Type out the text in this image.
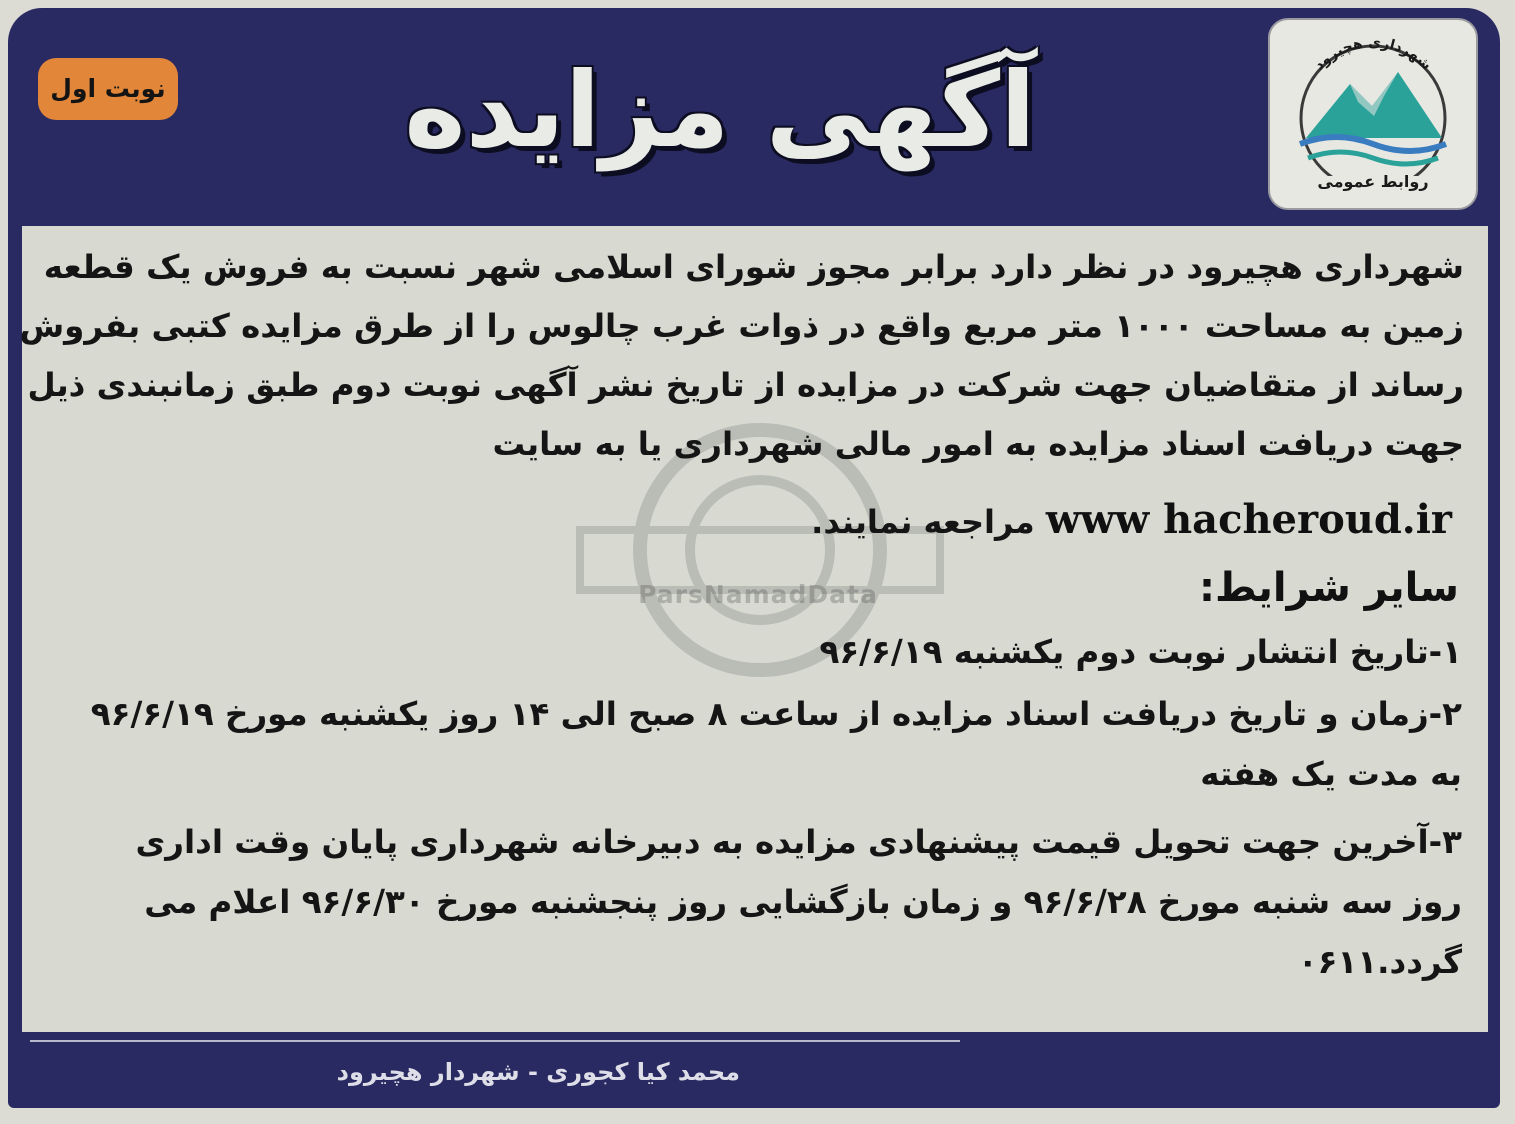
آگهی مزایده
نوبت اول
شهرداری هچیرود
روابط عمومی
ParsNamadData
شهرداری هچیرود در نظر دارد برابر مجوز شورای اسلامی شهر نسبت به فروش یک قطعه
زمین به مساحت ۱۰۰۰ متر مربع واقع در ذوات غرب چالوس را از طرق مزایده کتبی بفروش
رساند از متقاضیان جهت شرکت در مزایده از تاریخ نشر آگهی نوبت دوم طبق زمانبندی ذیل
جهت دریافت اسناد مزایده به امور مالی شهرداری یا به سایت
www hacheroud.ir مراجعه نمایند.
سایر شرایط:

۱-تاریخ انتشار نوبت دوم یکشنبه ۹۶/۶/۱۹

۲-زمان و تاریخ دریافت اسناد مزایده از ساعت ۸ صبح الی ۱۴ روز یکشنبه مورخ ۹۶/۶/۱۹
به مدت یک هفته

۳-آخرین جهت تحویل قیمت پیشنهادی مزایده به دبیرخانه شهرداری پایان وقت اداری
روز سه شنبه مورخ ۹۶/۶/۲۸ و زمان بازگشایی روز پنجشنبه مورخ ۹۶/۶/۳۰ اعلام می
گردد.۰۶۱۱

محمد کیا کجوری - شهردار هچیرود
